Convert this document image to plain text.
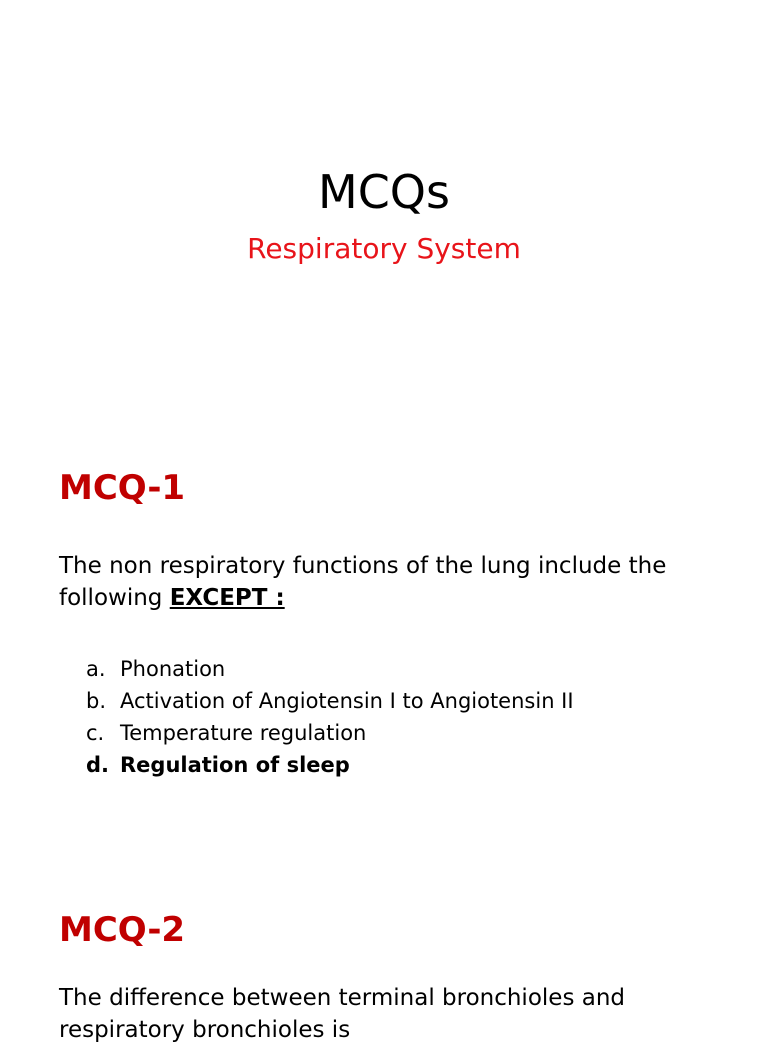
MCQs
Respiratory System
MCQ-1
The non respiratory functions of the lung include the following EXCEPT :
a. Phonation
b. Activation of Angiotensin I to Angiotensin II
c. Temperature regulation
d. Regulation of sleep
MCQ-2
The difference between terminal bronchioles and respiratory bronchioles is
